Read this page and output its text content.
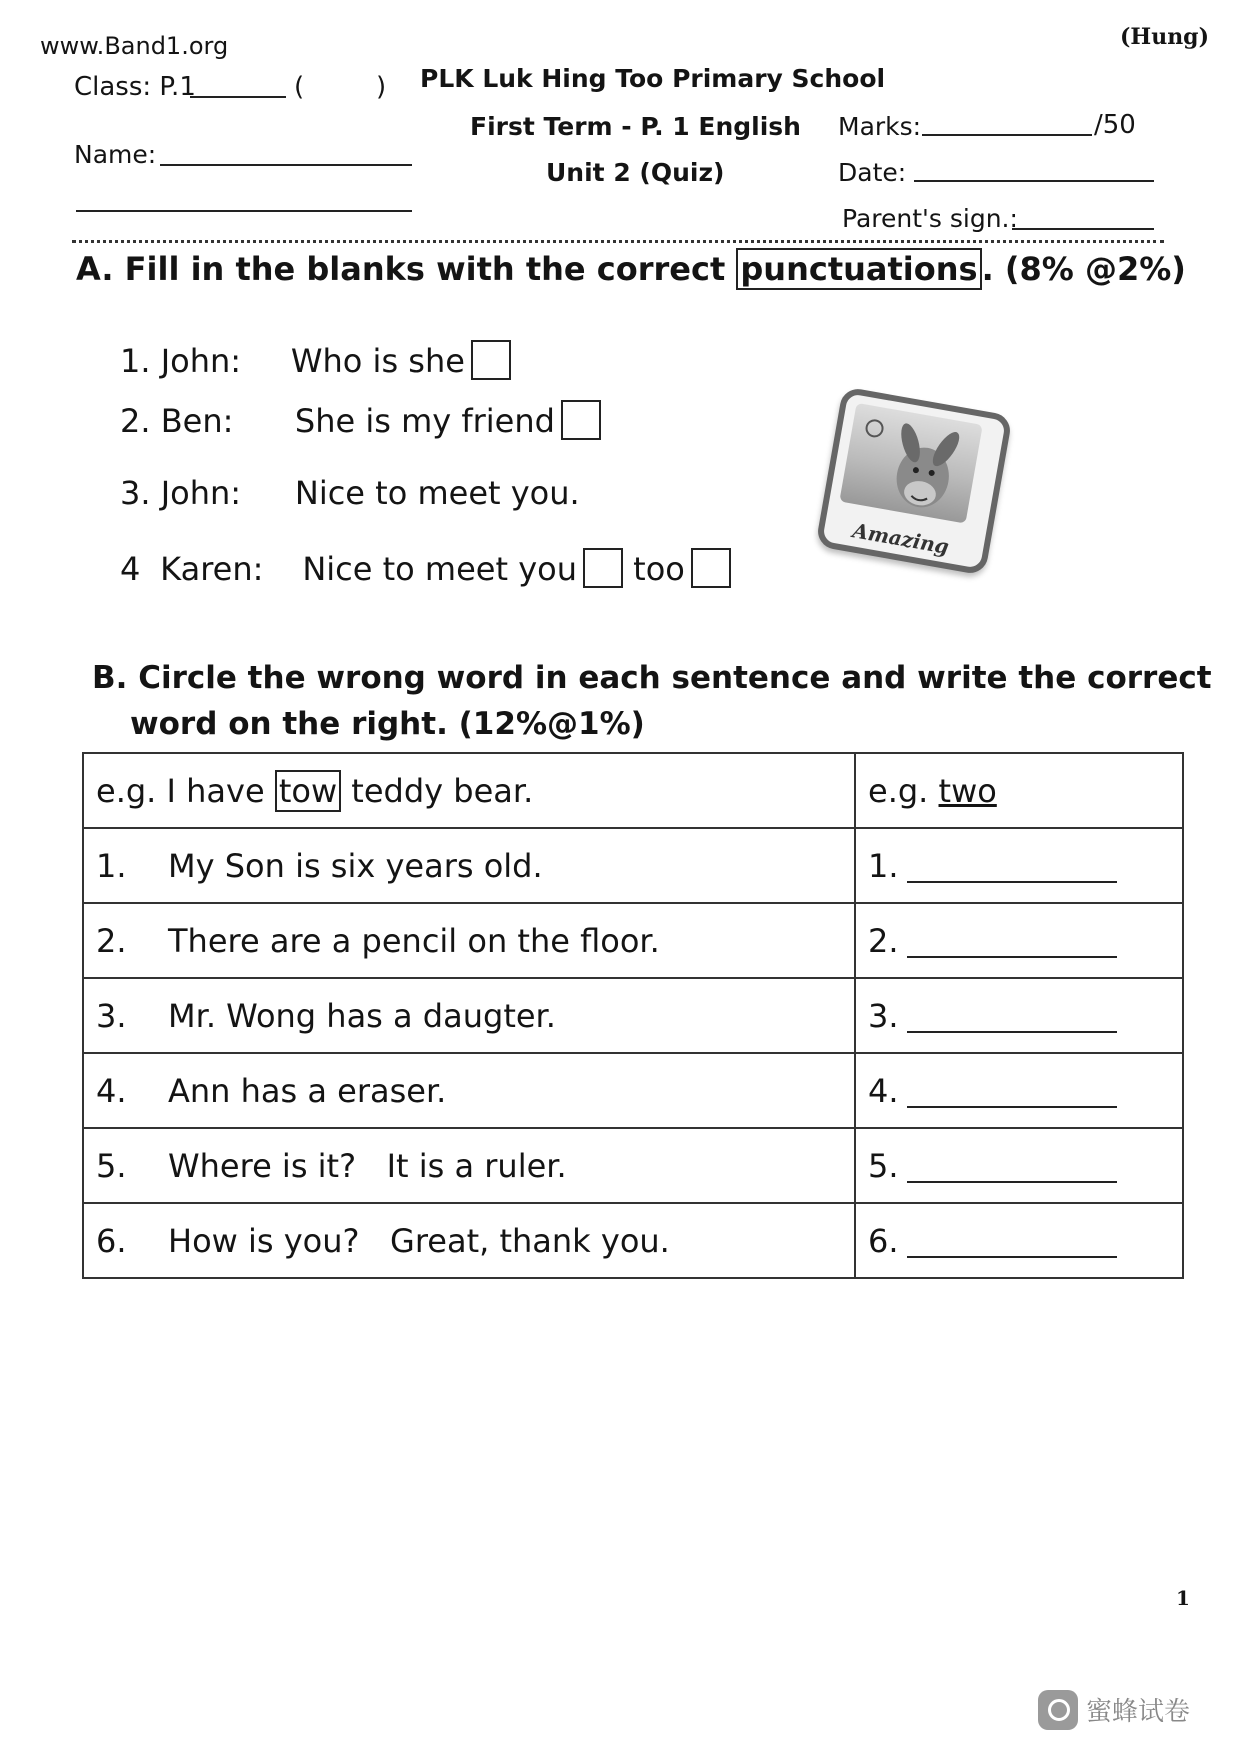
www.Band1.org	(Hung)
Class: P.1	(	) PLK Luk Hing Too Primary School
First Term - P. 1 English
Unit 2 (Quiz)
Name:
Marks:	/50
Date:
Parent's sign.:
A. Fill in the blanks with the correct punctuations . (8% @2%)
1. John: Who is she
2. Ben: She is my friend
3. John: Nice to meet you.
4 Karen: Nice to meet you too
Amazing
B. Circle the wrong word in each sentence and write the correct
word on the right. (12%@1%)
e.g. I have tow teddy bear.	e.g. two
1. My Son is six years old.	1.
2. There are a pencil on the floor.	2.
3. Mr. Wong has a daugter.	3.
4. Ann has a eraser.	4.
5. Where is it?   It is a ruler.	5.
6. How is you?   Great, thank you.	6.
1
蜜蜂试卷
